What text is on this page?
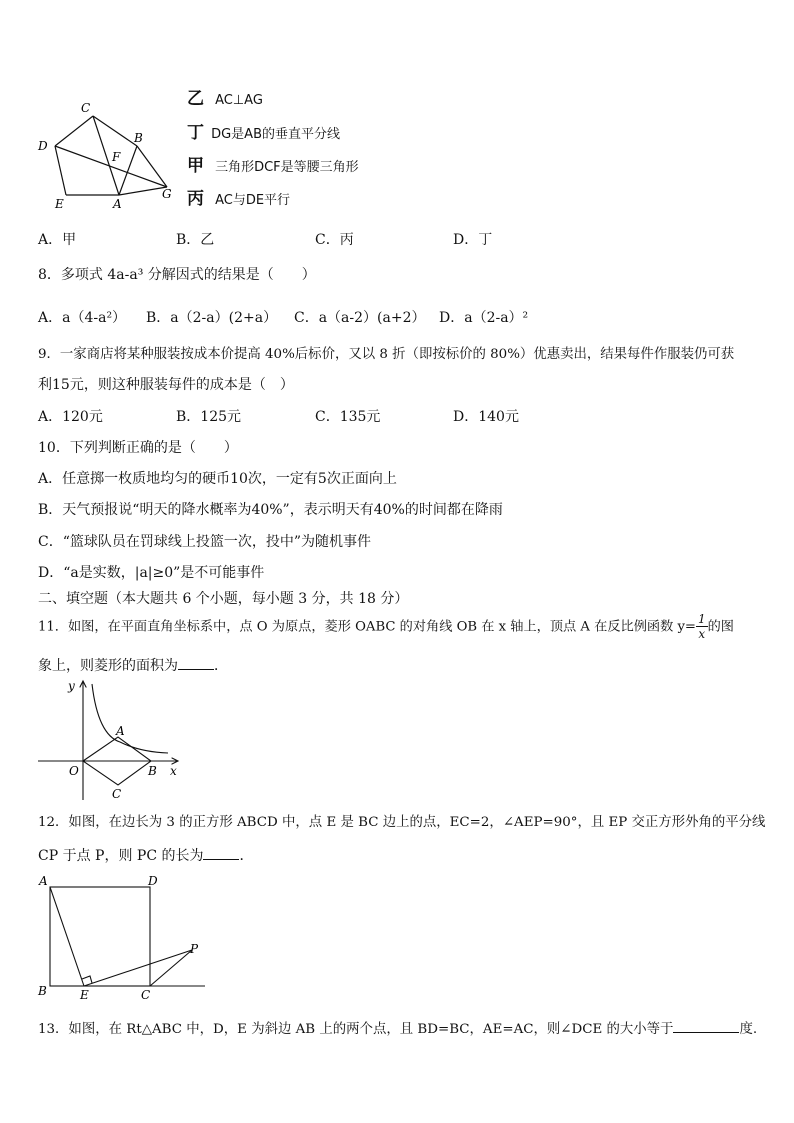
C
B
D
F
E	A
G
乙 AC⊥AG
丁 DG是AB的垂直平分线
甲 三角形DCF是等腰三角形
丙 AC与DE平行
A．甲	B．乙	C．丙	D．丁
8．多项式 4a-a³ 分解因式的结果是（　　）
A．a（4-a²） B．a（2-a）(2+a） C．a（a-2）(a+2） D．a（2-a）²
9．一家商店将某种服装按成本价提高 40%后标价，又以 8 折（即按标价的 80%）优惠卖出，结果每件作服装仍可获
利15元，则这种服装每件的成本是（　）
A．120元	B．125元	C．135元	D．140元
10．下列判断正确的是（　　）
A．任意掷一枚质地均匀的硬币10次，一定有5次正面向上
B．天气预报说“明天的降水概率为40%”，表示明天有40%的时间都在降雨
C．“篮球队员在罚球线上投篮一次，投中”为随机事件
D．“a是实数，|a|≥0”是不可能事件
二、填空题（本大题共 6 个小题，每小题 3 分，共 18 分）
11．如图，在平面直角坐标系中，点 O 为原点，菱形 OABC 的对角线 OB 在 x 轴上，顶点 A 在反比例函数 $y= \frac{1}{x}$ 的图
象上，则菱形的面积为	．
y
A
O	B x
C
12．如图，在边长为 3 的正方形 ABCD 中，点 E 是 BC 边上的点，EC=2，∠AEP=90°，且 EP 交正方形外角的平分线
CP 于点 P，则 PC 的长为	．
A	D
P
B	E	C
13．如图，在 Rt△ABC 中，D，E 为斜边 AB 上的两个点，且 BD=BC，AE=AC，则∠DCE 的大小等于	度.
